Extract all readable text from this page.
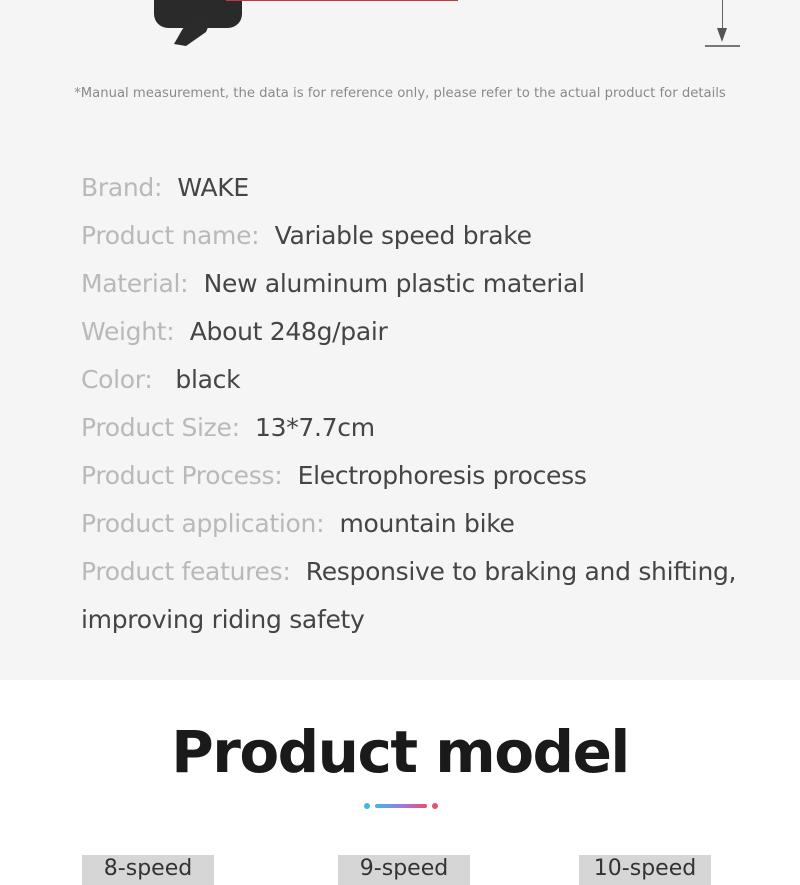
*Manual measurement, the data is for reference only, please refer to the actual product for details
Brand: WAKE
Product name: Variable speed brake
Material: New aluminum plastic material
Weight: About 248g/pair
Color: black
Product Size: 13*7.7cm
Product Process: Electrophoresis process
Product application: mountain bike
Product features: Responsive to braking and shifting, improving riding safety
Product model
8-speed	9-speed	10-speed
